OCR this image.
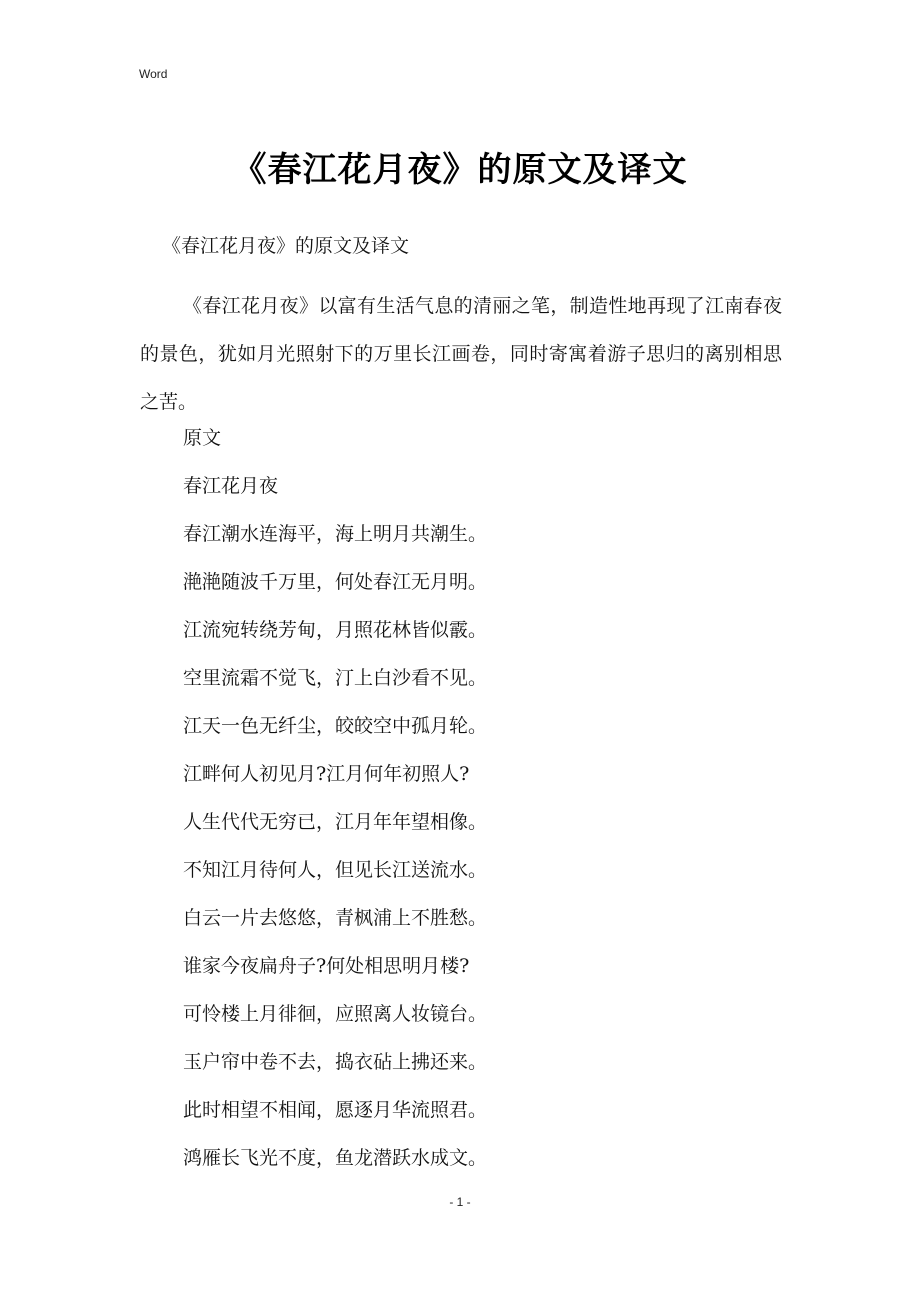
Word
《春江花月夜》的原文及译文
《春江花月夜》的原文及译文
《春江花月夜》以富有生活气息的清丽之笔，制造性地再现了江南春夜的景色，犹如月光照射下的万里长江画卷，同时寄寓着游子思归的离别相思之苦。
原文
春江花月夜
春江潮水连海平，海上明月共潮生。
滟滟随波千万里，何处春江无月明。
江流宛转绕芳甸，月照花林皆似霰。
空里流霜不觉飞，汀上白沙看不见。
江天一色无纤尘，皎皎空中孤月轮。
江畔何人初见月?江月何年初照人?
人生代代无穷已，江月年年望相像。
不知江月待何人，但见长江送流水。
白云一片去悠悠，青枫浦上不胜愁。
谁家今夜扁舟子?何处相思明月楼?
可怜楼上月徘徊，应照离人妆镜台。
玉户帘中卷不去，捣衣砧上拂还来。
此时相望不相闻，愿逐月华流照君。
鸿雁长飞光不度，鱼龙潜跃水成文。
- 1 -
